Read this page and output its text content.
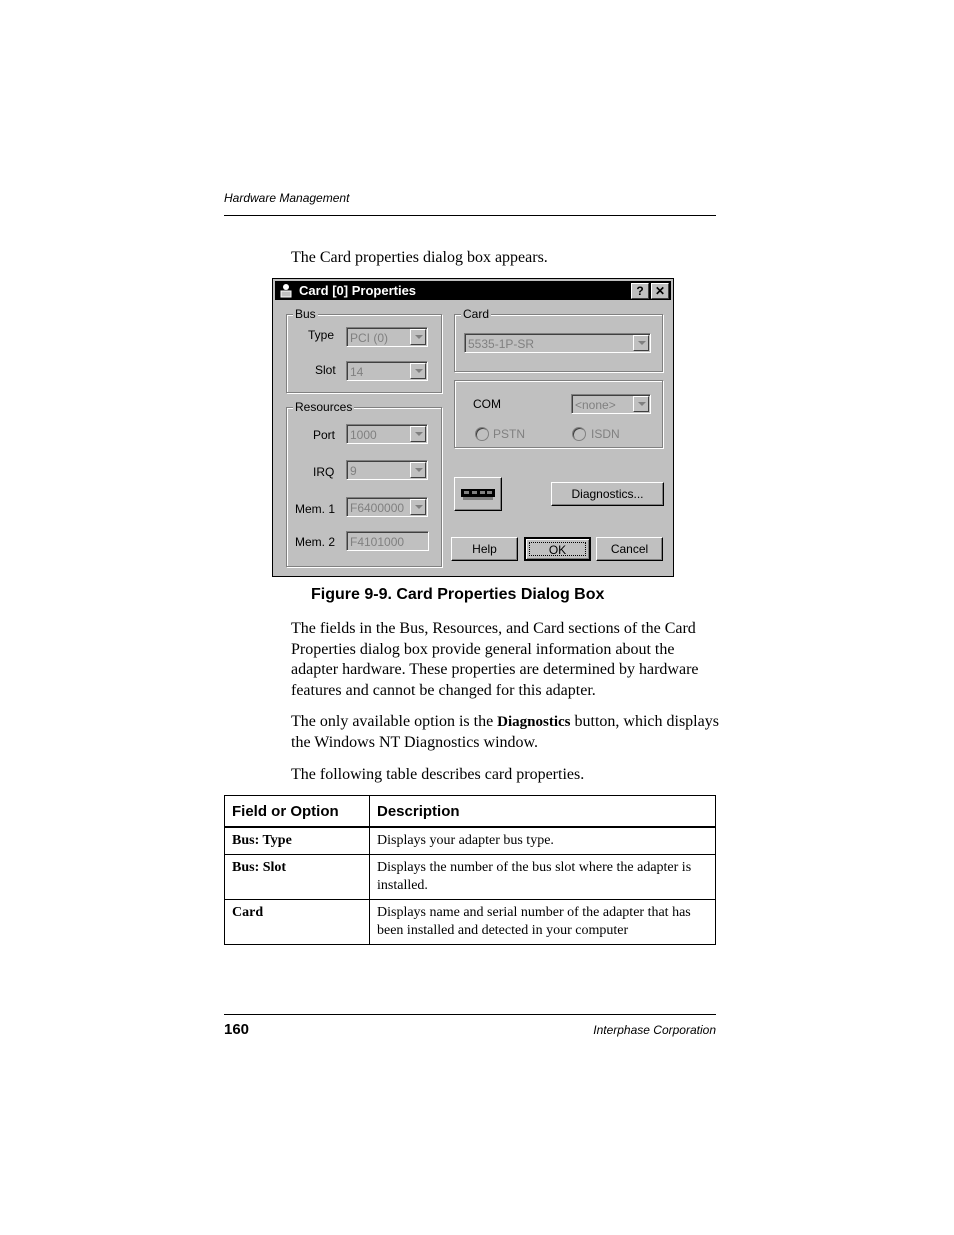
Hardware Management
The Card properties dialog box appears.
Card [0] Properties	? ✕
Bus
Type PCI (0)
Slot 14
Resources
Port 1000
IRQ 9
Mem. 1 F6400000
Mem. 2 F4101000
Card
5535-1P-SR
COM	<none>
PSTN	ISDN
Diagnostics...
Help	OK	Cancel
Figure 9-9. Card Properties Dialog Box
The fields in the Bus, Resources, and Card sections of the Card Properties dialog box provide general information about the adapter hardware. These properties are determined by hardware features and cannot be changed for this adapter.
The only available option is the Diagnostics button, which displays the Windows NT Diagnostics window.
The following table describes card properties.
Field or Option	Description
Bus: Type	Displays your adapter bus type.
Bus: Slot	Displays the number of the bus slot where the adapter is installed.
Card	Displays name and serial number of the adapter that has been installed and detected in your computer
160	Interphase Corporation
